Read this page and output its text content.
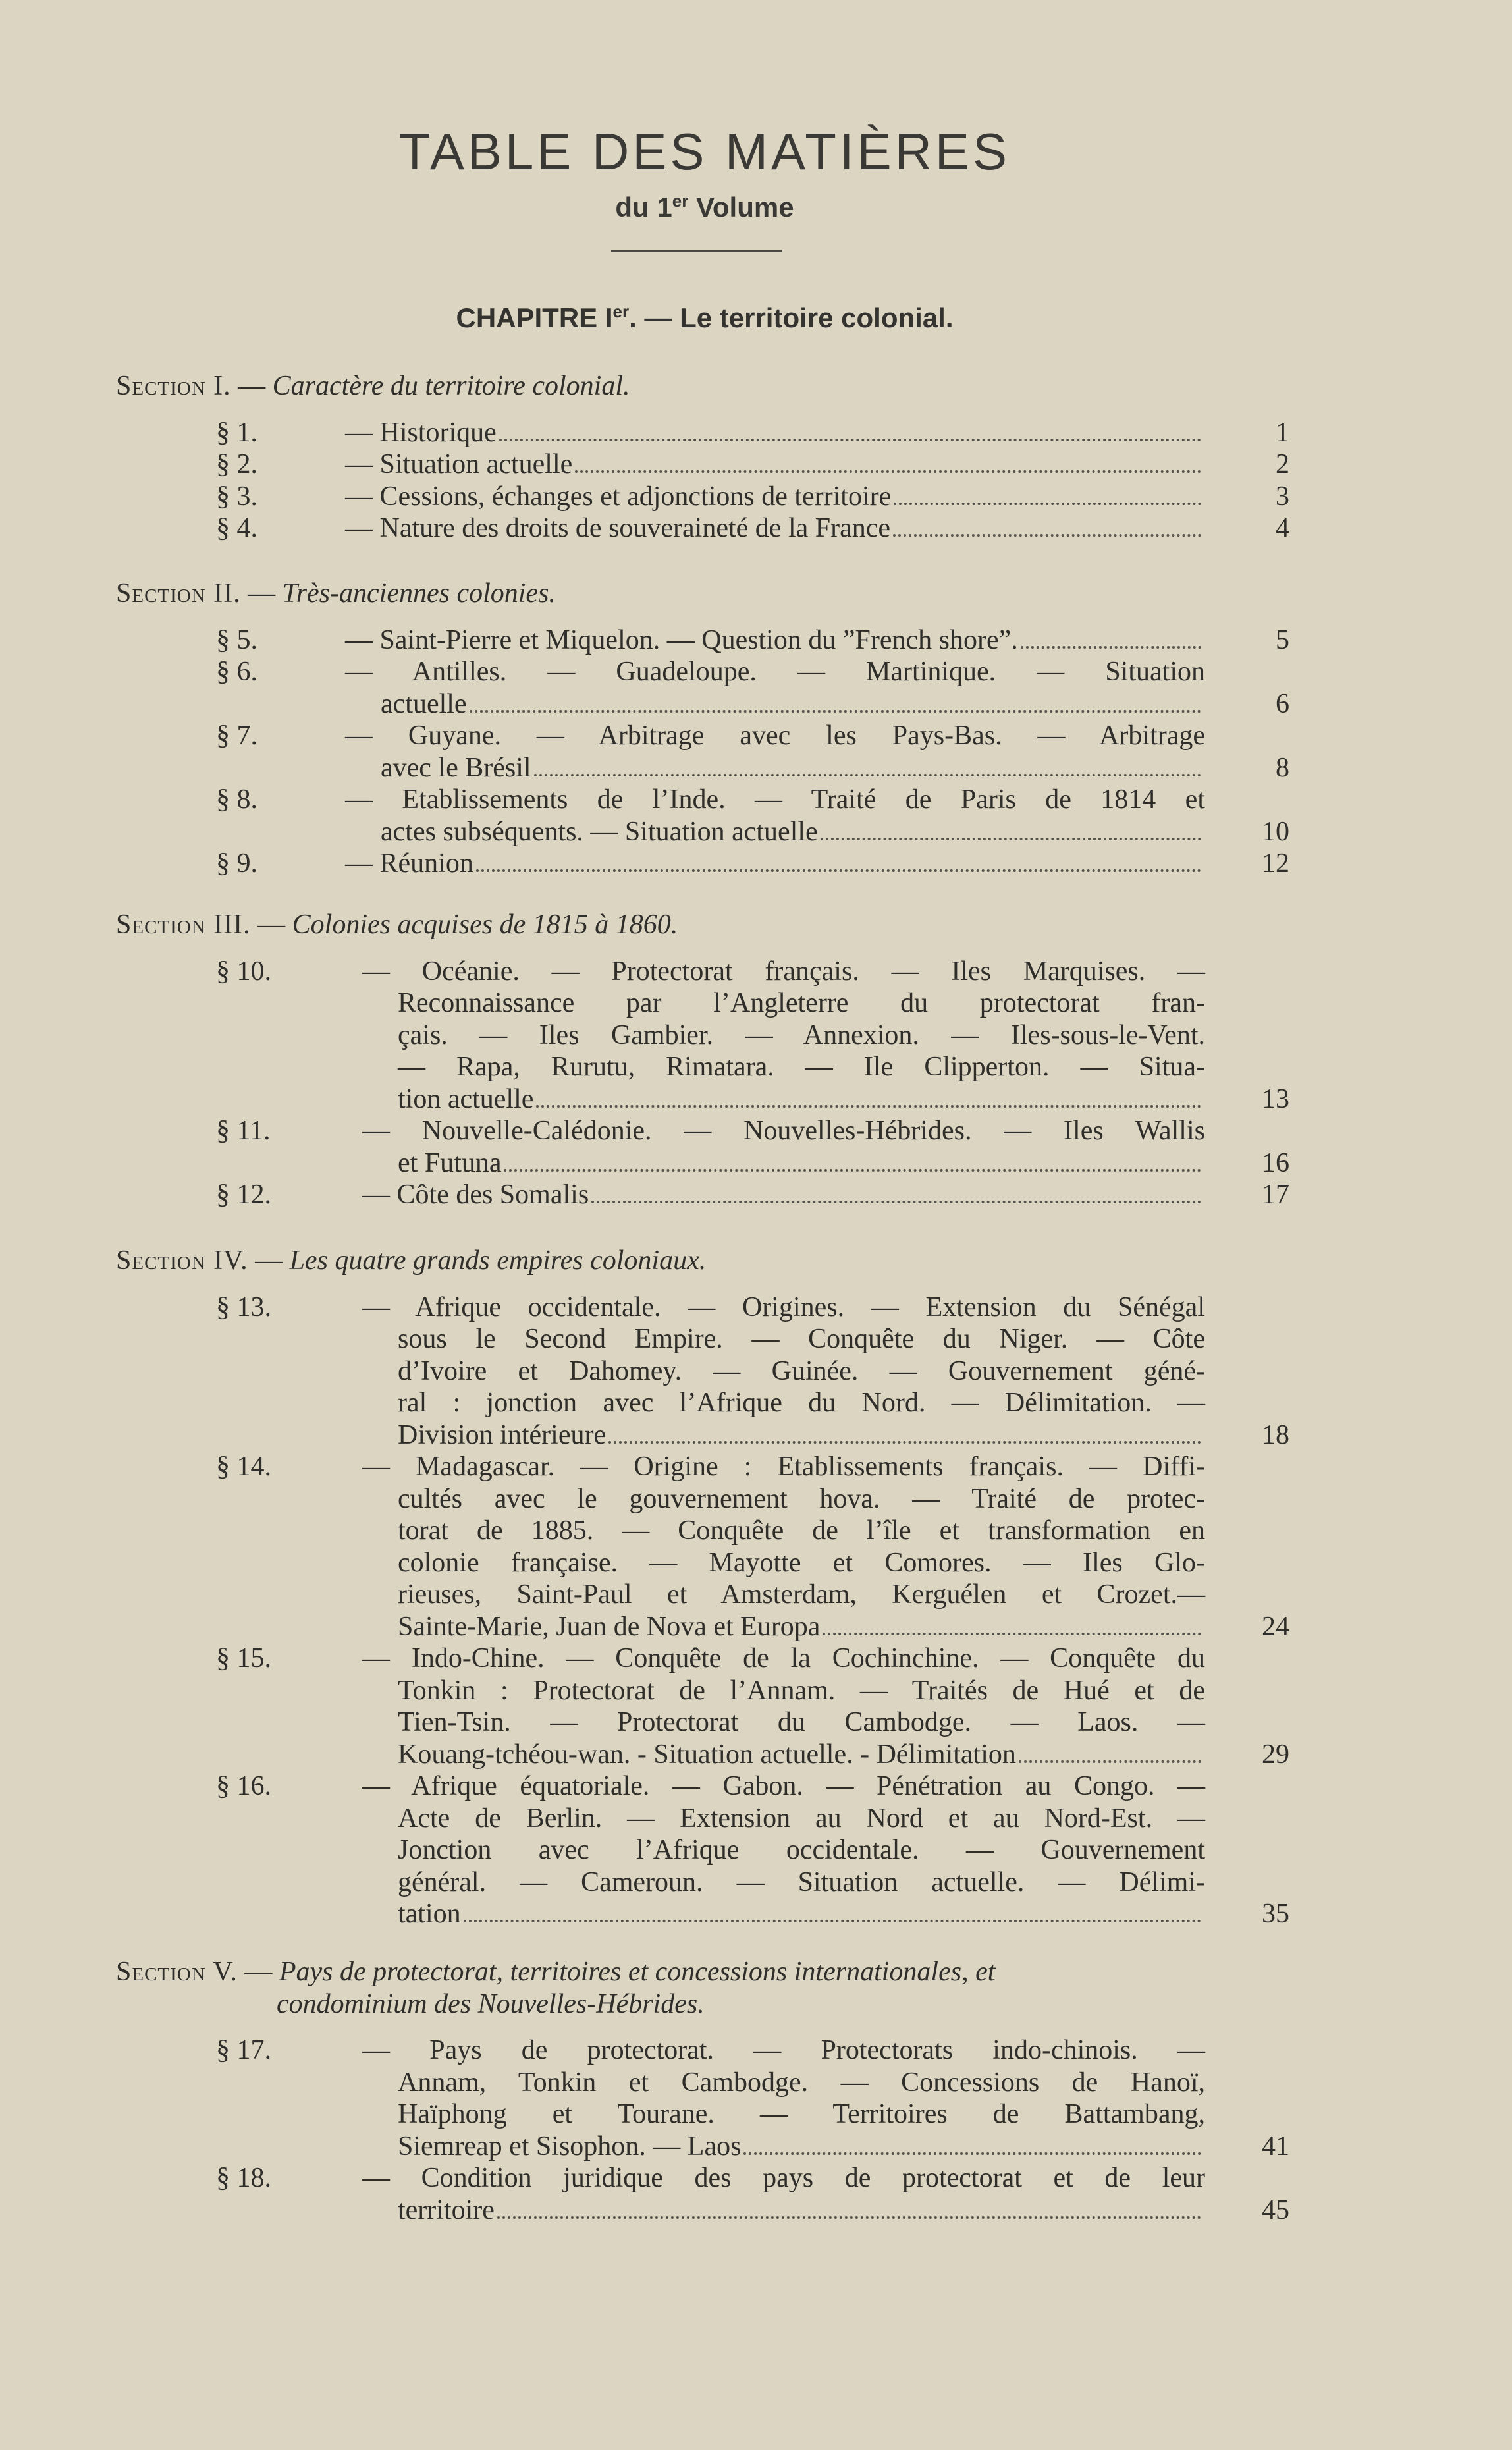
TABLE DES MATIÈRES
du 1er Volume
CHAPITRE Ier. — Le territoire colonial.
Section I. — Caractère du territoire colonial.
§ 1.	— Historique	1
§ 2.	— Situation actuelle	2
§ 3.	— Cessions, échanges et adjonctions de territoire	3
§ 4.	— Nature des droits de souveraineté de la France	4
Section II. — Très-anciennes colonies.
§ 5.	— Saint-Pierre et Miquelon. — Question du ”French shore”.	5
§ 6.	— Antilles. — Guadeloupe. — Martinique. — Situation
actuelle	6
§ 7.	— Guyane. — Arbitrage avec les Pays-Bas. — Arbitrage
avec le Brésil	8
§ 8.	— Etablissements de l’Inde. — Traité de Paris de 1814 et
actes subséquents. — Situation actuelle	10
§ 9.	— Réunion	12
Section III. — Colonies acquises de 1815 à 1860.
§ 10.	— Océanie. — Protectorat français. — Iles Marquises. —
Reconnaissance par l’Angleterre du protectorat fran-
çais. — Iles Gambier. — Annexion. — Iles-sous-le-Vent.
— Rapa, Rurutu, Rimatara. — Ile Clipperton. — Situa-
tion actuelle	13
§ 11.	— Nouvelle-Calédonie. — Nouvelles-Hébrides. — Iles Wallis
et Futuna	16
§ 12.	— Côte des Somalis	17
Section IV. — Les quatre grands empires coloniaux.
§ 13.	— Afrique occidentale. — Origines. — Extension du Sénégal
sous le Second Empire. — Conquête du Niger. — Côte
d’Ivoire et Dahomey. — Guinée. — Gouvernement géné-
ral : jonction avec l’Afrique du Nord. — Délimitation. —
Division intérieure	18
§ 14.	— Madagascar. — Origine : Etablissements français. — Diffi-
cultés avec le gouvernement hova. — Traité de protec-
torat de 1885. — Conquête de l’île et transformation en
colonie française. — Mayotte et Comores. — Iles Glo-
rieuses, Saint-Paul et Amsterdam, Kerguélen et Crozet.—
Sainte-Marie, Juan de Nova et Europa	24
§ 15.	— Indo-Chine. — Conquête de la Cochinchine. — Conquête du
Tonkin : Protectorat de l’Annam. — Traités de Hué et de
Tien-Tsin. — Protectorat du Cambodge. — Laos. —
Kouang-tchéou-wan. - Situation actuelle. - Délimitation	29
§ 16.	— Afrique équatoriale. — Gabon. — Pénétration au Congo. —
Acte de Berlin. — Extension au Nord et au Nord-Est. —
Jonction avec l’Afrique occidentale. — Gouvernement
général. — Cameroun. — Situation actuelle. — Délimi-
tation	35
Section V. — Pays de protectorat, territoires et concessions internationales, et
condominium des Nouvelles-Hébrides.
§ 17.	— Pays de protectorat. — Protectorats indo-chinois. —
Annam, Tonkin et Cambodge. — Concessions de Hanoï,
Haïphong et Tourane. — Territoires de Battambang,
Siemreap et Sisophon. — Laos	41
§ 18.	— Condition juridique des pays de protectorat et de leur
territoire	45
